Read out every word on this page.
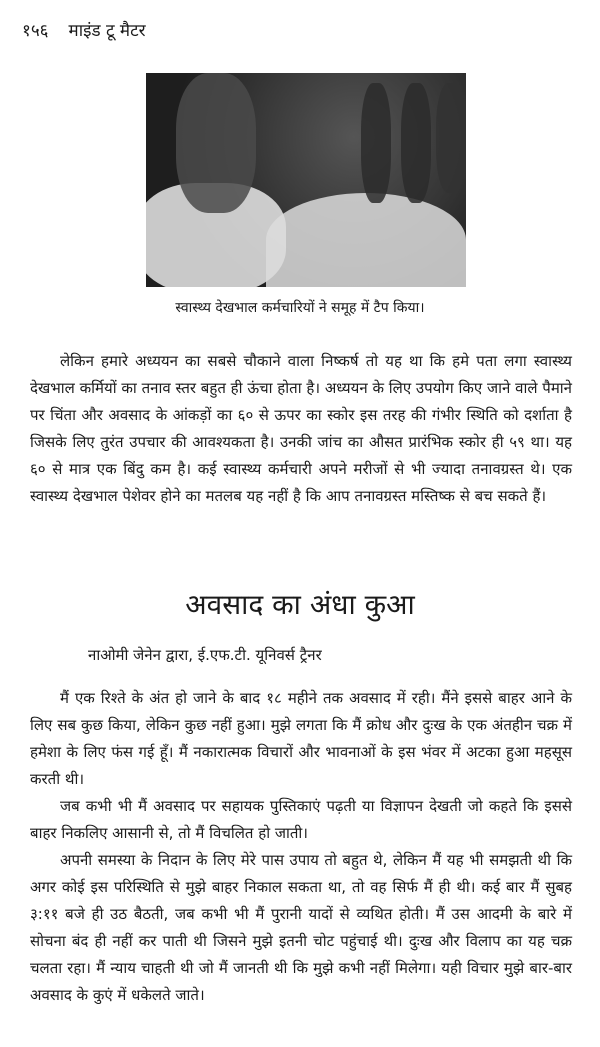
१५६ माइंड टू मैटर
स्वास्थ्य देखभाल कर्मचारियों ने समूह में टैप किया।

लेकिन हमारे अध्ययन का सबसे चौकाने वाला निष्कर्ष तो यह था कि हमे पता लगा स्वास्थ्य देखभाल कर्मियों का तनाव स्तर बहुत ही ऊंचा होता है। अध्ययन के लिए उपयोग किए जाने वाले पैमाने पर चिंता और अवसाद के आंकड़ों का ६० से ऊपर का स्कोर इस तरह की गंभीर स्थिति को दर्शाता है जिसके लिए तुरंत उपचार की आवश्यकता है। उनकी जांच का औसत प्रारंभिक स्कोर ही ५९ था। यह ६० से मात्र एक बिंदु कम है। कई स्वास्थ्य कर्मचारी अपने मरीजों से भी ज्यादा तनावग्रस्त थे। एक स्वास्थ्य देखभाल पेशेवर होने का मतलब यह नहीं है कि आप तनावग्रस्त मस्तिष्क से बच सकते हैं।

अवसाद का अंधा कुआ
नाओमी जेनेन द्वारा, ई.एफ.टी. यूनिवर्स ट्रैनर

मैं एक रिश्ते के अंत हो जाने के बाद १८ महीने तक अवसाद में रही। मैंने इससे बाहर आने के लिए सब कुछ किया, लेकिन कुछ नहीं हुआ। मुझे लगता कि मैं क्रोध और दुःख के एक अंतहीन चक्र में हमेशा के लिए फंस गई हूँ। मैं नकारात्मक विचारों और भावनाओं के इस भंवर में अटका हुआ महसूस करती थी।

जब कभी भी मैं अवसाद पर सहायक पुस्तिकाएं पढ़ती या विज्ञापन देखती जो कहते कि इससे बाहर निकलिए आसानी से, तो मैं विचलित हो जाती।

अपनी समस्या के निदान के लिए मेरे पास उपाय तो बहुत थे, लेकिन मैं यह भी समझती थी कि अगर कोई इस परिस्थिति से मुझे बाहर निकाल सकता था, तो वह सिर्फ मैं ही थी। कई बार मैं सुबह ३:११ बजे ही उठ बैठती, जब कभी भी मैं पुरानी यादों से व्यथित होती। मैं उस आदमी के बारे में सोचना बंद ही नहीं कर पाती थी जिसने मुझे इतनी चोट पहुंचाई थी। दुःख और विलाप का यह चक्र चलता रहा। मैं न्याय चाहती थी जो मैं जानती थी कि मुझे कभी नहीं मिलेगा। यही विचार मुझे बार-बार अवसाद के कुएं में धकेलते जाते।
